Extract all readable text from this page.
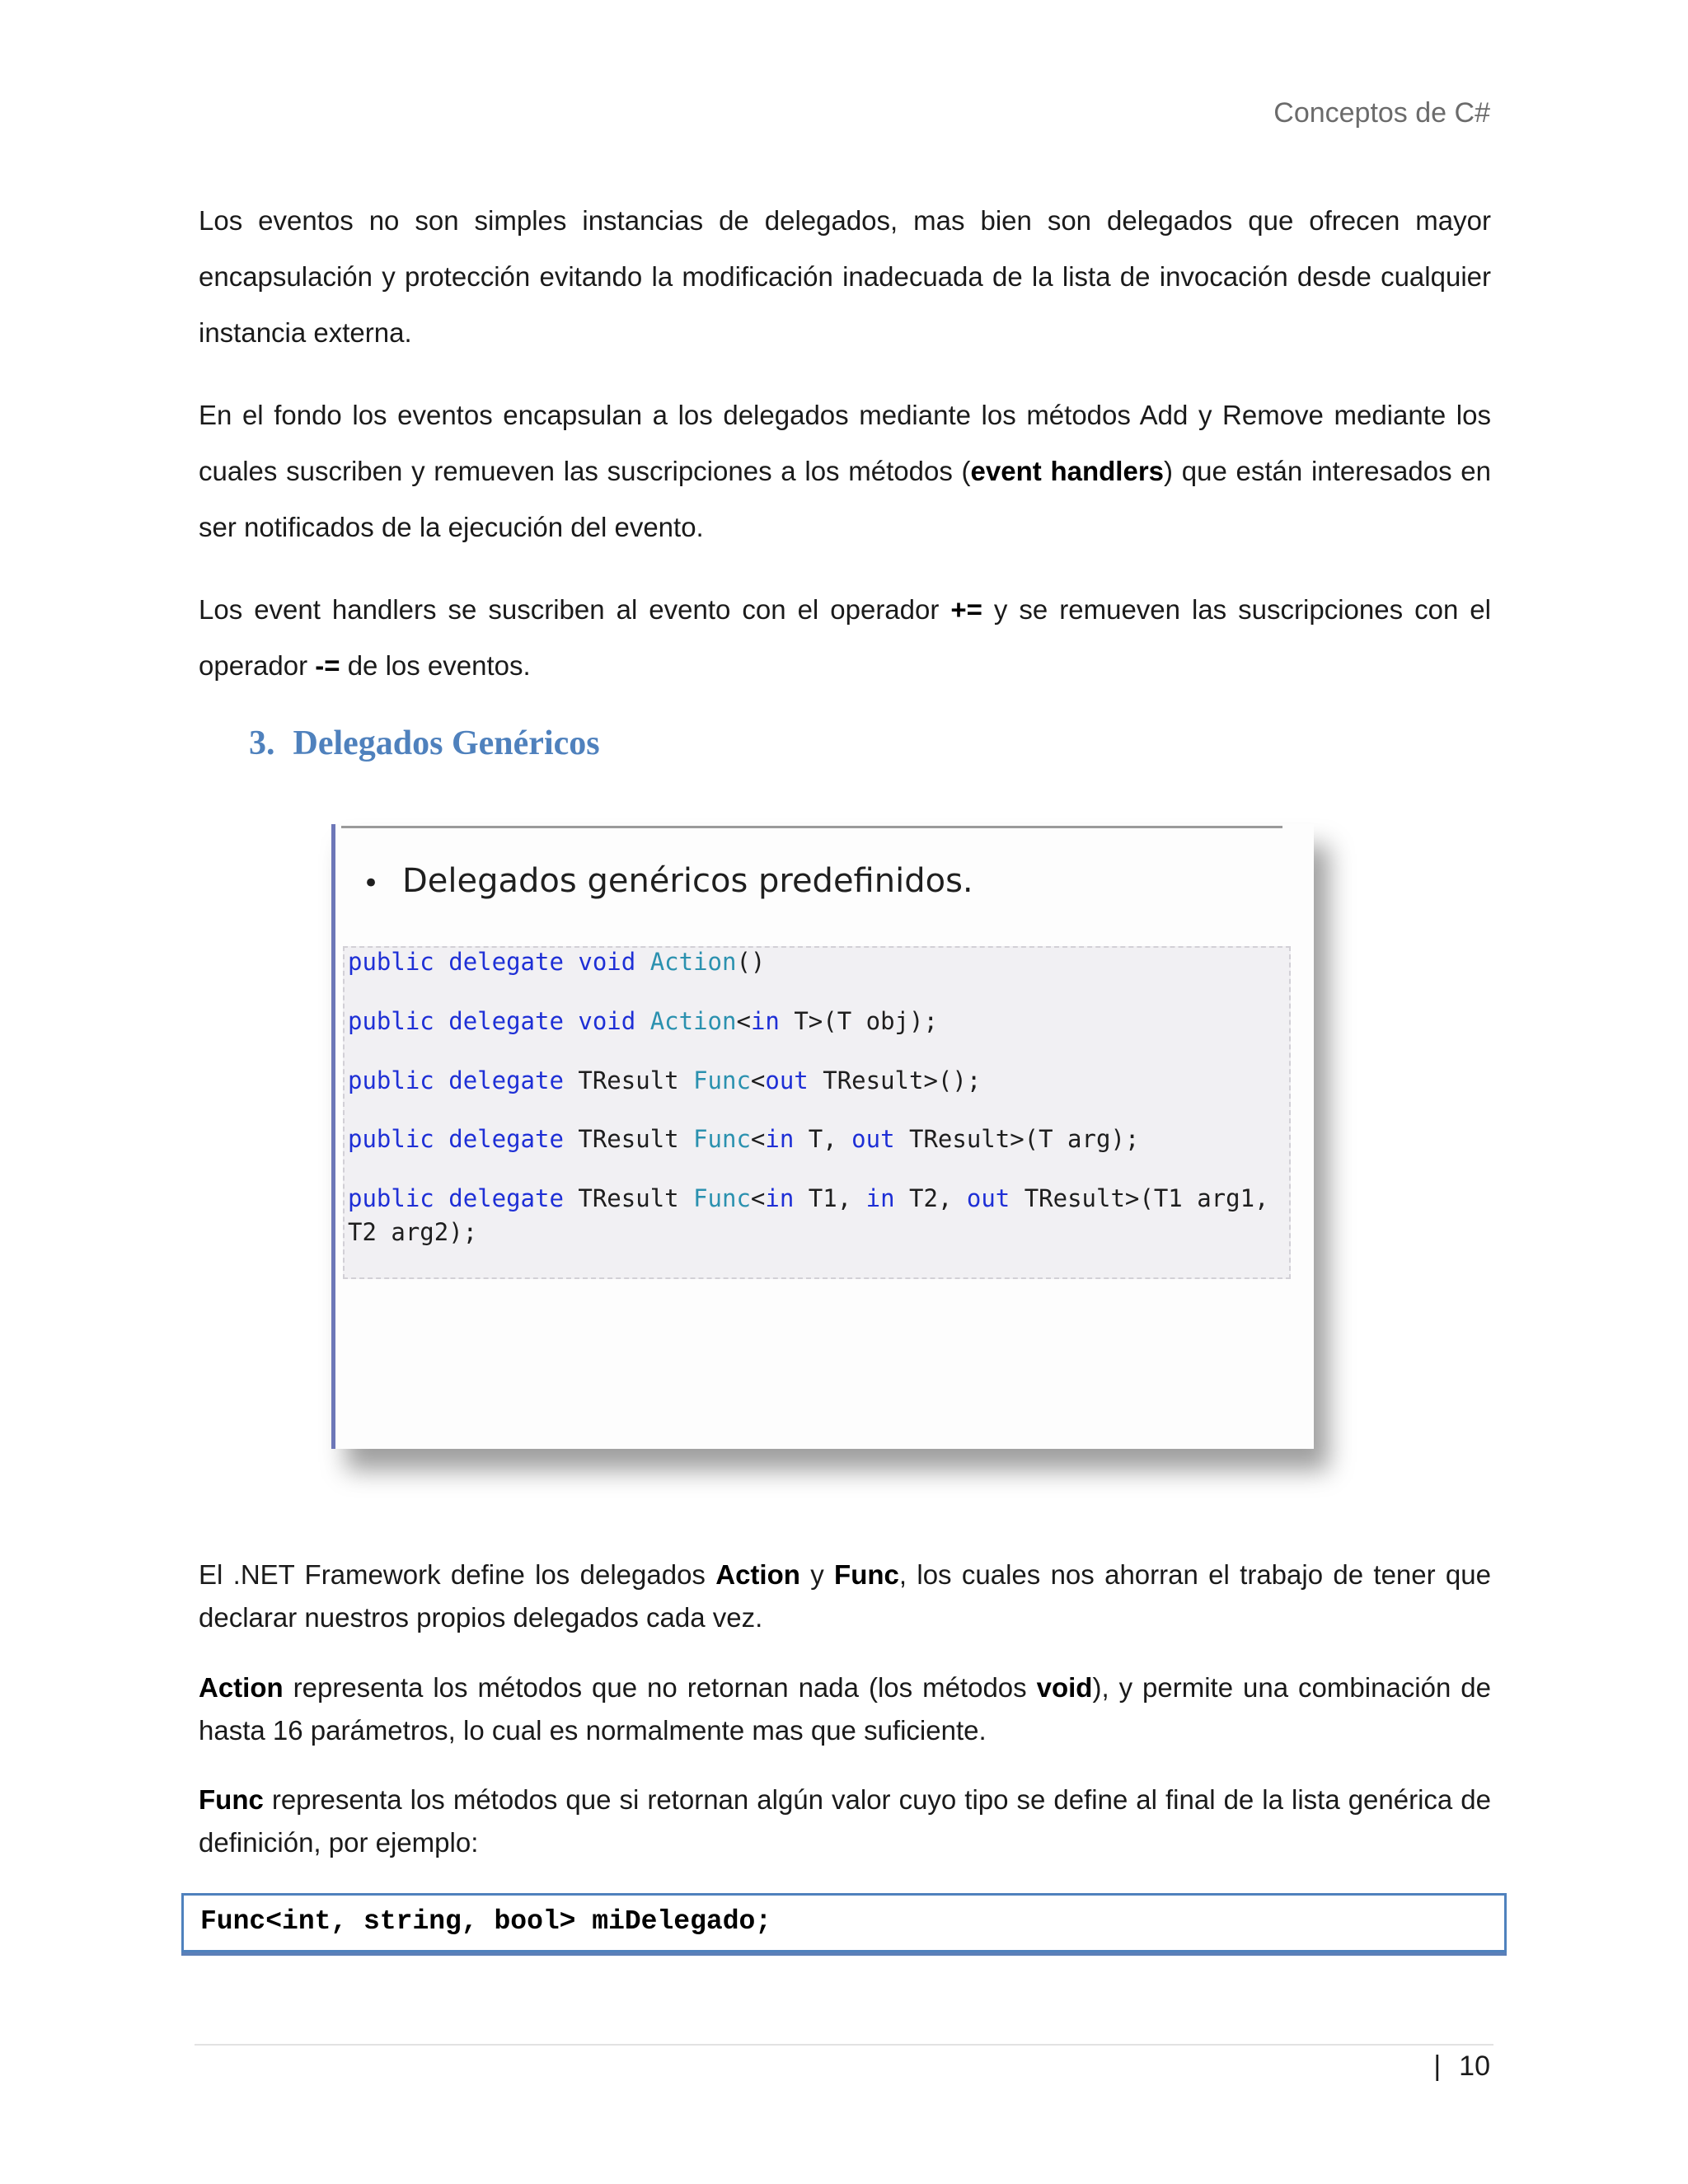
Conceptos de C#

Los eventos no son simples instancias de delegados, mas bien son delegados que ofrecen mayor encapsulación y protección evitando la modificación inadecuada de la lista de invocación desde cualquier instancia externa.

En el fondo los eventos encapsulan a los delegados mediante los métodos Add y Remove mediante los cuales suscriben y remueven las suscripciones a los métodos (event handlers) que están interesados en ser notificados de la ejecución del evento.

Los event handlers se suscriben al evento con el operador += y se remueven las suscripciones con el operador -= de los eventos.

3. Delegados Genéricos
• Delegados genéricos predefinidos.
public delegate void Action()
public delegate void Action<in T>(T obj);
public delegate TResult Func<out TResult>();
public delegate TResult Func<in T, out TResult>(T arg);
public delegate TResult Func<in T1, in T2, out TResult>(T1 arg1,
T2 arg2);

El .NET Framework define los delegados Action y Func, los cuales nos ahorran el trabajo de tener que declarar nuestros propios delegados cada vez.

Action representa los métodos que no retornan nada (los métodos void), y permite una combinación de hasta 16 parámetros, lo cual es normalmente mas que suficiente.

Func representa los métodos que si retornan algún valor cuyo tipo se define al final de la lista genérica de definición, por ejemplo:

Func<int, string, bool> miDelegado;
| 10
